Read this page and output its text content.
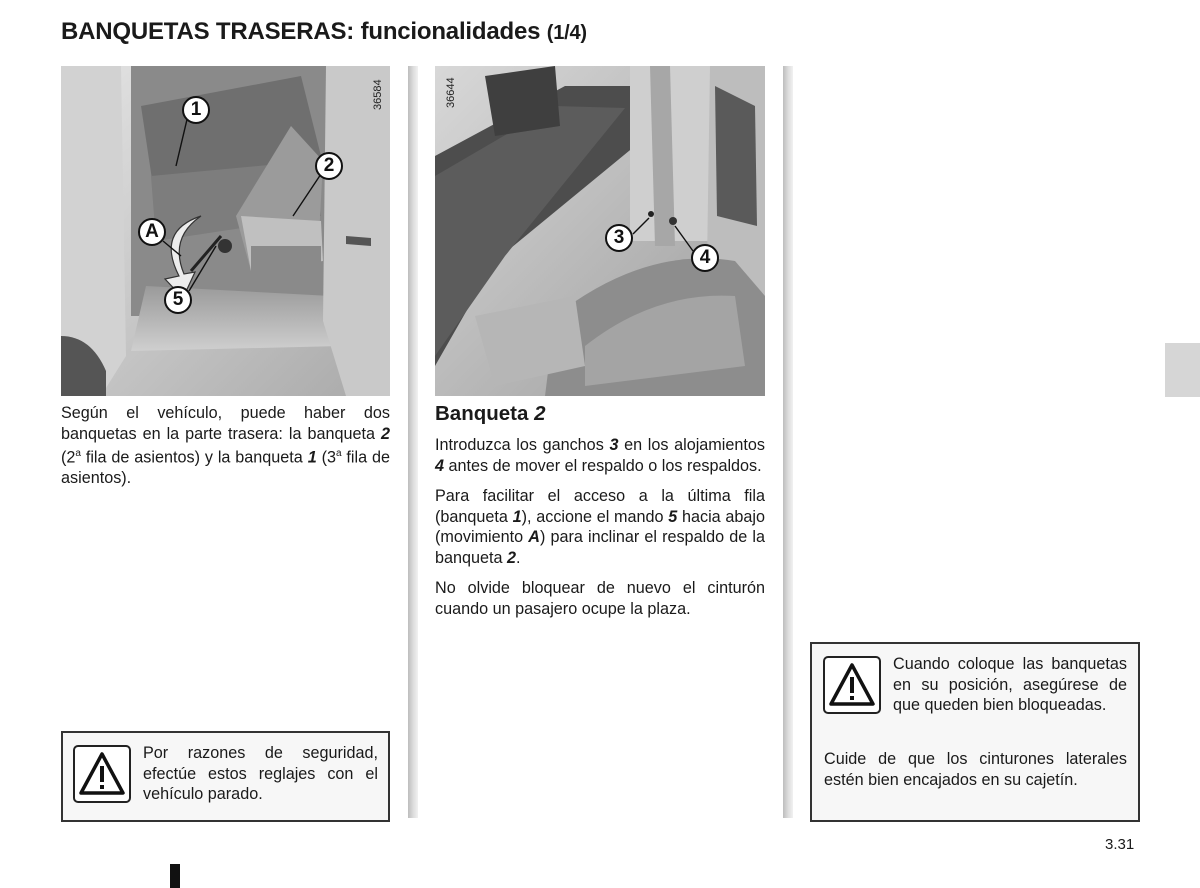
BANQUETAS TRASERAS: funcionalidades (1/4)
36584
1
2
A
5
36644
3
4

Según el vehículo, puede haber dos banquetas en la parte trasera: la banqueta 2 (2$^a$ fila de asientos) y la banqueta 1 (3$^a$ fila de asientos).

Por razones de seguridad, efectúe estos reglajes con el vehículo parado.
Banqueta 2

Introduzca los ganchos 3 en los alojamientos 4 antes de mover el respaldo o los respaldos.

Para facilitar el acceso a la última fila (banqueta 1), accione el mando 5 hacia abajo (movimiento A) para inclinar el respaldo de la banqueta 2.

No olvide bloquear de nuevo el cinturón cuando un pasajero ocupe la plaza.

Cuando coloque las banquetas en su posición, asegúrese de que queden bien bloqueadas.
Cuide de que los cinturones laterales estén bien encajados en su cajetín.
3.31
